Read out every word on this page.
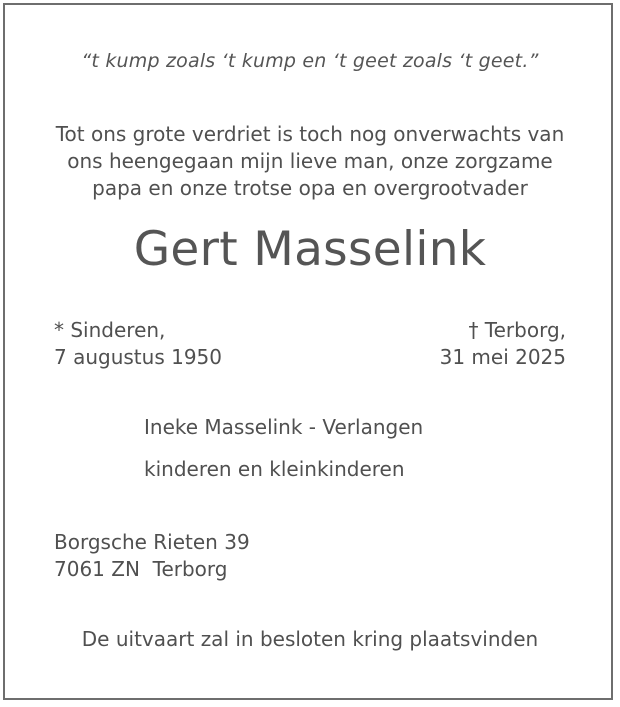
“t kump zoals ‘t kump en ‘t geet zoals ‘t geet.”
Tot ons grote verdriet is toch nog onverwachts van
ons heengegaan mijn lieve man, onze zorgzame
papa en onze trotse opa en overgrootvader
Gert Masselink
* Sinderen,
7 augustus 1950
† Terborg,
31 mei 2025
Ineke Masselink - Verlangen
kinderen en kleinkinderen
Borgsche Rieten 39
7061 ZN  Terborg
De uitvaart zal in besloten kring plaatsvinden
